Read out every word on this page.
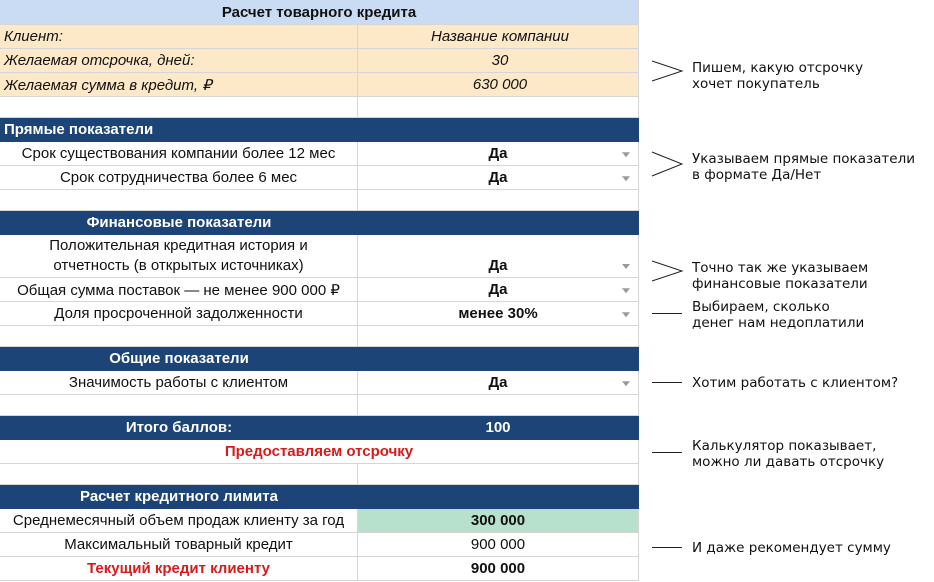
Расчет товарного кредита
Клиент:	Название компании
Желаемая отсрочка, дней:	30
Желаемая сумма в кредит, ₽	630 000
Прямые показатели
Срок существования компании более 12 мес	Да
Срок сотрудничества более 6 мес	Да
Финансовые показатели
Положительная кредитная история и
отчетность (в открытых источниках)	Да
Общая сумма поставок — не менее 900 000 ₽	Да
Доля просроченной задолженности	менее 30%
Общие показатели
Значимость работы с клиентом	Да
Итого баллов:	100
Предоставляем отсрочку
Расчет кредитного лимита
Среднемесячный объем продаж клиенту за год	300 000
Максимальный товарный кредит	900 000
Текущий кредит клиенту	900 000
Пишем, какую отсрочку
хочет покупатель
Указываем прямые показатели
в формате Да/Нет
Точно так же указываем
финансовые показатели
Выбираем, сколько
денег нам недоплатили
Хотим работать с клиентом?
Калькулятор показывает,
можно ли давать отсрочку
И даже рекомендует сумму
